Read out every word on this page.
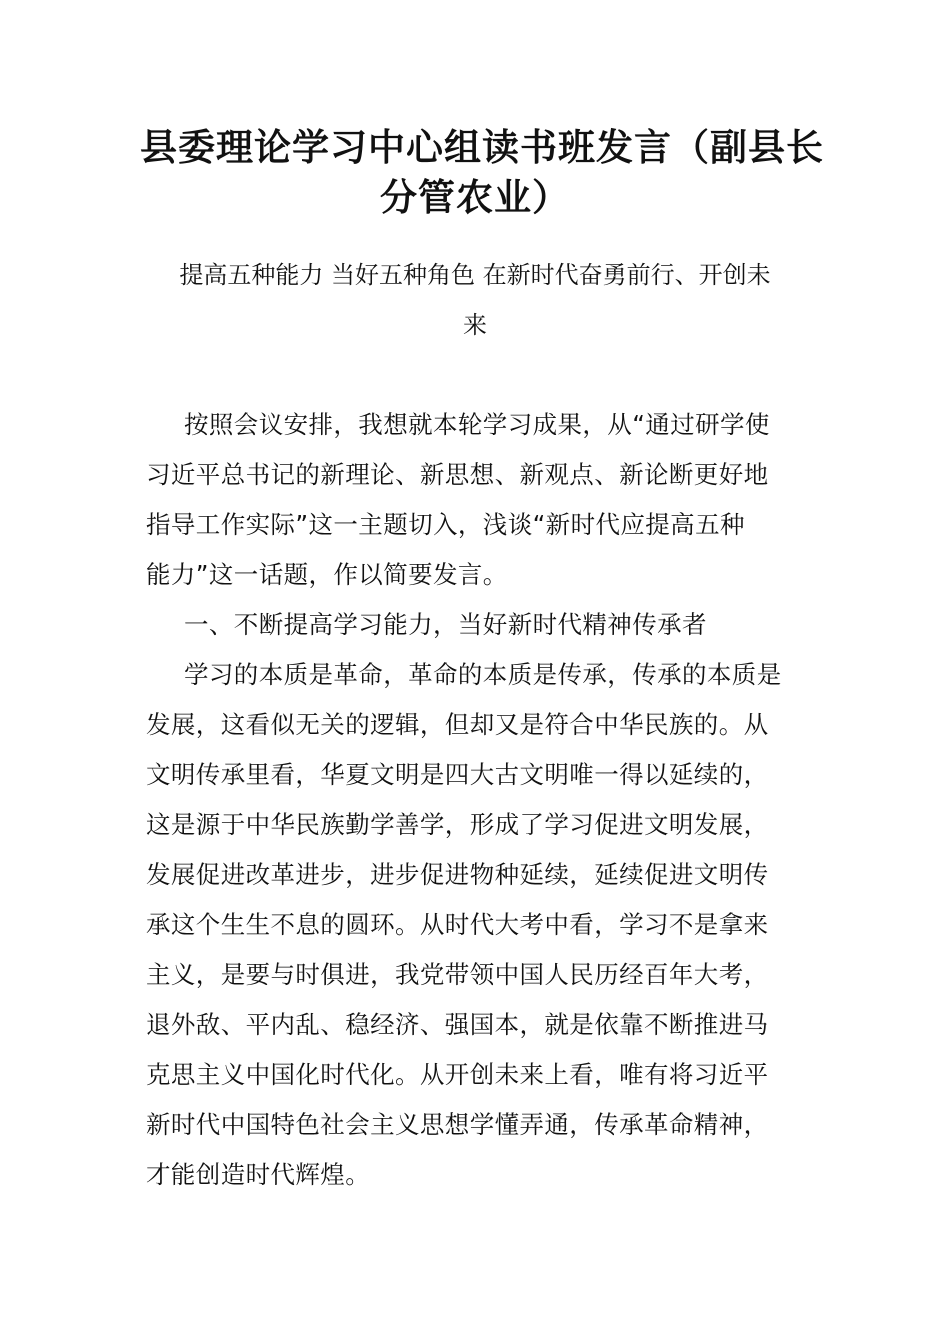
县委理论学习中心组读书班发言（副县长
分管农业）

提高五种能力 当好五种角色 在新时代奋勇前行、开创未

来

按照会议安排，我想就本轮学习成果，从“通过研学使
习近平总书记的新理论、新思想、新观点、新论断更好地
指导工作实际”这一主题切入，浅谈“新时代应提高五种
能力”这一话题，作以简要发言。
一、不断提高学习能力，当好新时代精神传承者
学习的本质是革命，革命的本质是传承，传承的本质是
发展，这看似无关的逻辑，但却又是符合中华民族的。从
文明传承里看，华夏文明是四大古文明唯一得以延续的，
这是源于中华民族勤学善学，形成了学习促进文明发展，
发展促进改革进步，进步促进物种延续，延续促进文明传
承这个生生不息的圆环。从时代大考中看，学习不是拿来
主义，是要与时俱进，我党带领中国人民历经百年大考，
退外敌、平内乱、稳经济、强国本，就是依靠不断推进马
克思主义中国化时代化。从开创未来上看，唯有将习近平
新时代中国特色社会主义思想学懂弄通，传承革命精神，
才能创造时代辉煌。
